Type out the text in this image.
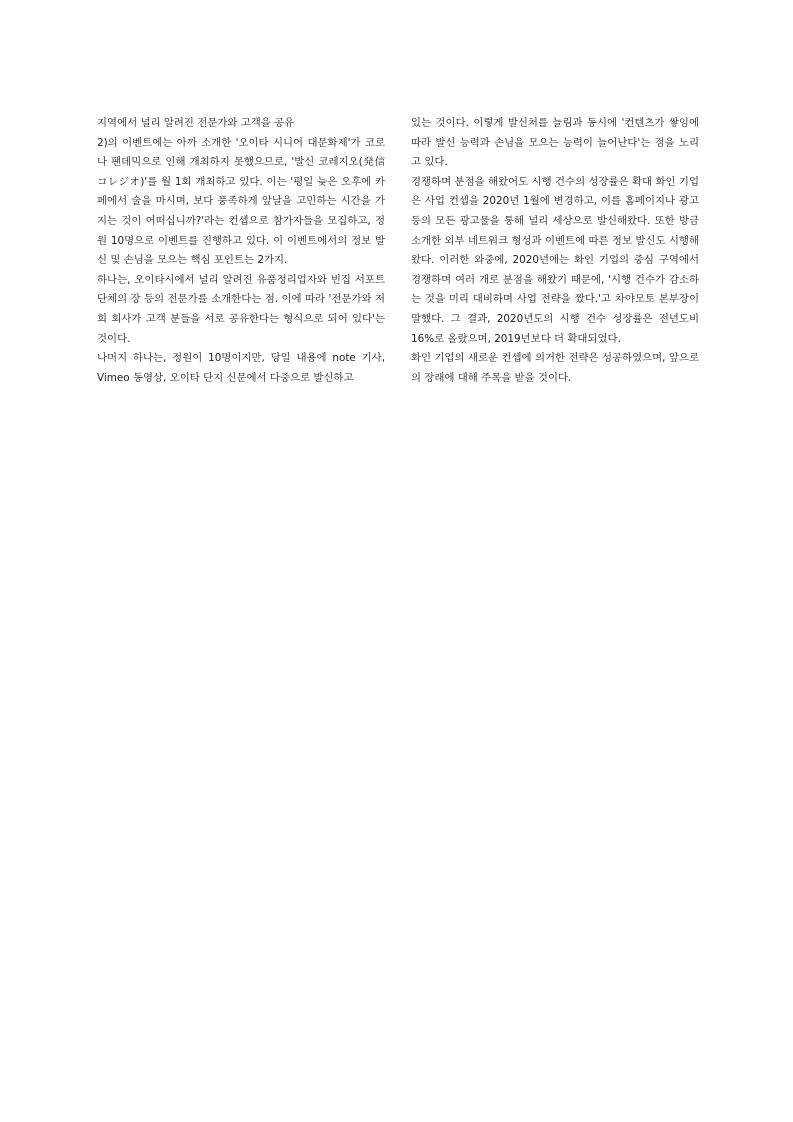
지역에서 널리 알려진 전문가와 고객을 공유

2)의 이벤트에는 아까 소개한 '오이타 시니어 대문화제'가 코로나 팬데믹으로 인해 개최하지 못했으므로, '발신 코레지오(発信コレジオ)'를 월 1회 개최하고 있다. 이는 '평일 늦은 오후에 카페에서 술을 마시며, 보다 풍족하게 앞날을 고민하는 시간을 가지는 것이 어떠십니까?'라는 컨셉으로 참가자들을 모집하고, 정원 10명으로 이벤트를 진행하고 있다. 이 이벤트에서의 정보 발신 및 손님을 모으는 핵심 포인트는 2가지.

하나는, 오이타시에서 널리 알려진 유품정리업자와 빈집 서포트 단체의 장 등의 전문가를 소개한다는 점. 이에 따라 '전문가와 저희 회사가 고객 분들을 서로 공유한다는 형식으로 되어 있다'는 것이다.

나머지 하나는, 정원이 10명이지만, 당일 내용에 note 기사, Vimeo 동영상, 오이타 단지 신문에서 다중으로 발신하고

있는 것이다. 이렇게 발신처를 늘림과 동시에 '컨텐츠가 쌓임에 따라 발신 능력과 손님을 모으는 능력이 늘어난다'는 점을 노리고 있다.

경쟁하며 분점을 해왔어도 시행 건수의 성장률은 확대 화인 기업은 사업 컨셉을 2020년 1월에 변경하고, 이를 홈페이지나 광고 등의 모든 광고물을 통해 널리 세상으로 발신해왔다. 또한 방금 소개한 외부 네트워크 형성과 이벤트에 따른 정보 발신도 시행해왔다. 이러한 와중에, 2020년에는 화인 기업의 중심 구역에서 경쟁하며 여러 개로 분점을 해왔기 때문에, '시행 건수가 감소하는 것을 미리 대비하며 사업 전략을 짰다.'고 차야모토 본부장이 말했다. 그 결과, 2020년도의 시행 건수 성장률은 전년도비 16%로 올랐으며, 2019년보다 더 확대되었다.

화인 기업의 새로운 컨셉에 의거한 전략은 성공하였으며, 앞으로의 장래에 대해 주목을 받을 것이다.
